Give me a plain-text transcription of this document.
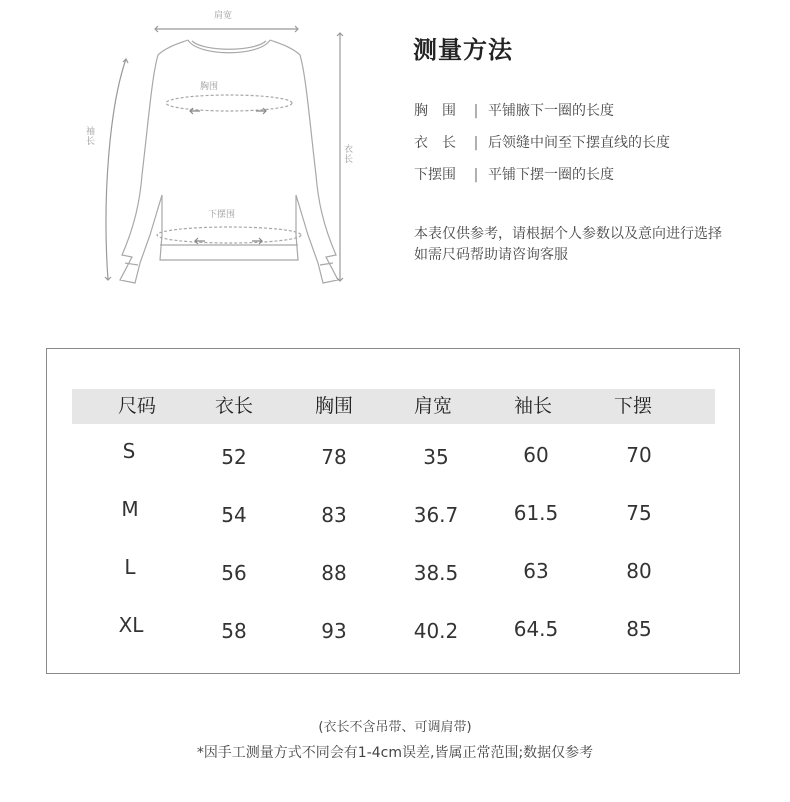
肩宽
胸围
下摆围
袖长
衣长
测量方法
胸　围 | 平铺腋下一圈的长度
衣　长 | 后领缝中间至下摆直线的长度
下摆围 | 平铺下摆一圈的长度
本表仅供参考，请根据个人参数以及意向进行选择
如需尺码帮助请咨询客服
尺码	衣长	胸围	肩宽	袖长	下摆
S	52	78	35	60	70
M	54	83	36.7	61.5	75
L	56	88	38.5	63	80
XL	58	93	40.2	64.5	85
(衣长不含吊带、可调肩带)
*因手工测量方式不同会有1-4cm误差,皆属正常范围;数据仅参考
